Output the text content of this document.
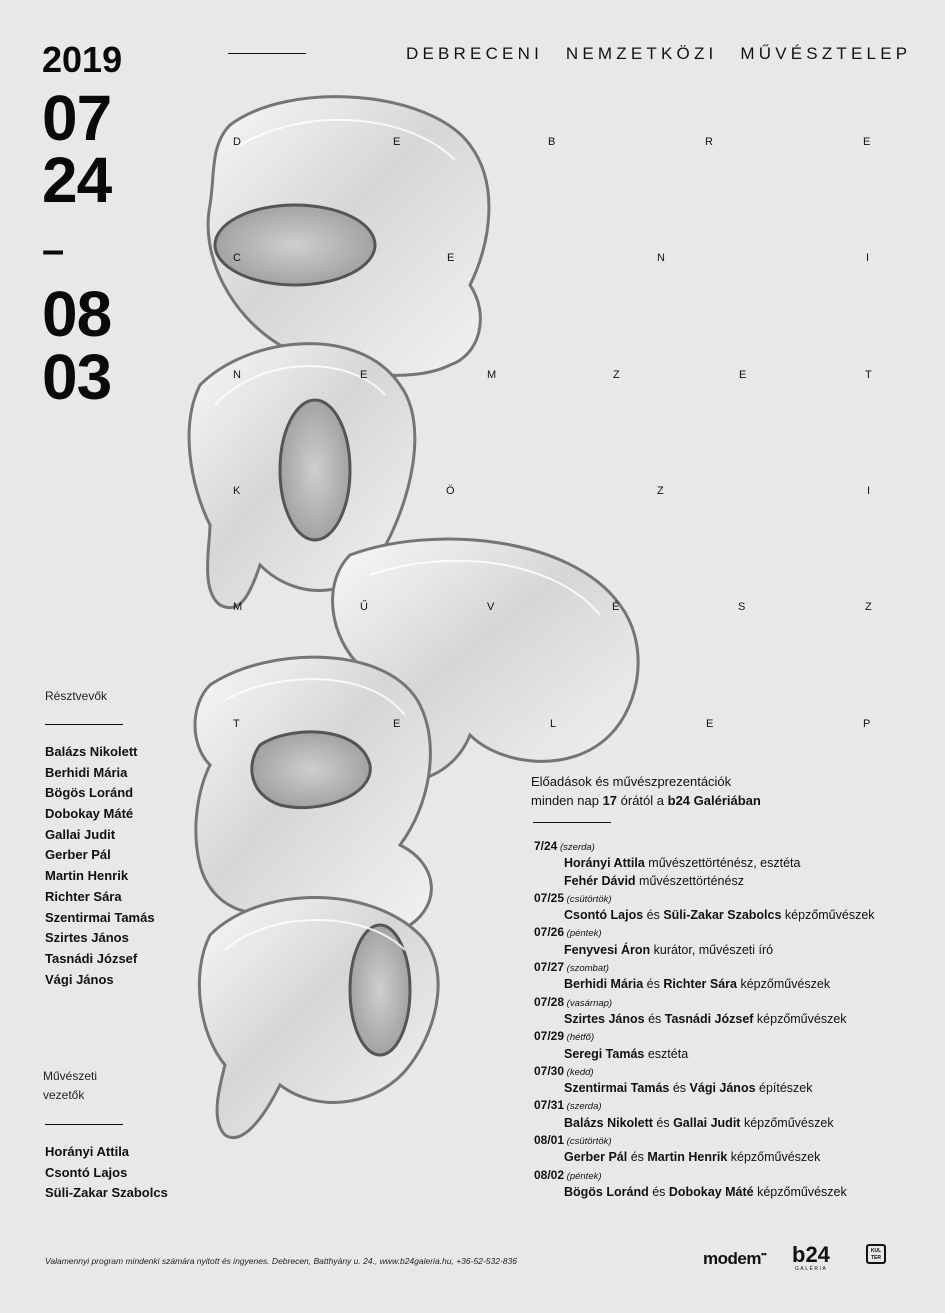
2019
07
24
–
08
03
DEBRECENI NEMZETKÖZI MŰVÉSZTELEP
D	E	B	R	E
C	E	N	I
N	E	M	Z	E	T
K	Ö	Z	I
M	Ű	V	É	S	Z
T	E	L	E	P
Résztvevők
Balázs Nikolett
Berhidi Mária
Bögös Loránd
Dobokay Máté
Gallai Judit
Gerber Pál
Martin Henrik
Richter Sára
Szentirmai Tamás
Szirtes János
Tasnádi József
Vági János
Művészeti
vezetők
Horányi Attila
Csontó Lajos
Süli-Zakar Szabolcs
Előadások és művészprezentációk
minden nap 17 órától a b24 Galériában
7/24 (szerda)
Horányi Attila művészettörténész, esztéta
Fehér Dávid művészettörténész
07/25 (csütörtök)
Csontó Lajos és Süli-Zakar Szabolcs képzőművészek
07/26 (péntek)
Fenyvesi Áron kurátor, művészeti író
07/27 (szombat)
Berhidi Mária és Richter Sára képzőművészek
07/28 (vasárnap)
Szirtes János és Tasnádi József képzőművészek
07/29 (hétfő)
Seregi Tamás esztéta
07/30 (kedd)
Szentirmai Tamás és Vági János építészek
07/31 (szerda)
Balázs Nikolett és Gallai Judit képzőművészek
08/01 (csütörtök)
Gerber Pál és Martin Henrik képzőművészek
08/02 (péntek)
Bögös Loránd és Dobokay Máté képzőművészek
Valamennyi program mindenki számára nyitott és ingyenes. Debrecen, Batthyány u. 24., www.b24galeria.hu, +36-52-532-836	modem▪▪ b24
GALÉRIA
KUL TER
